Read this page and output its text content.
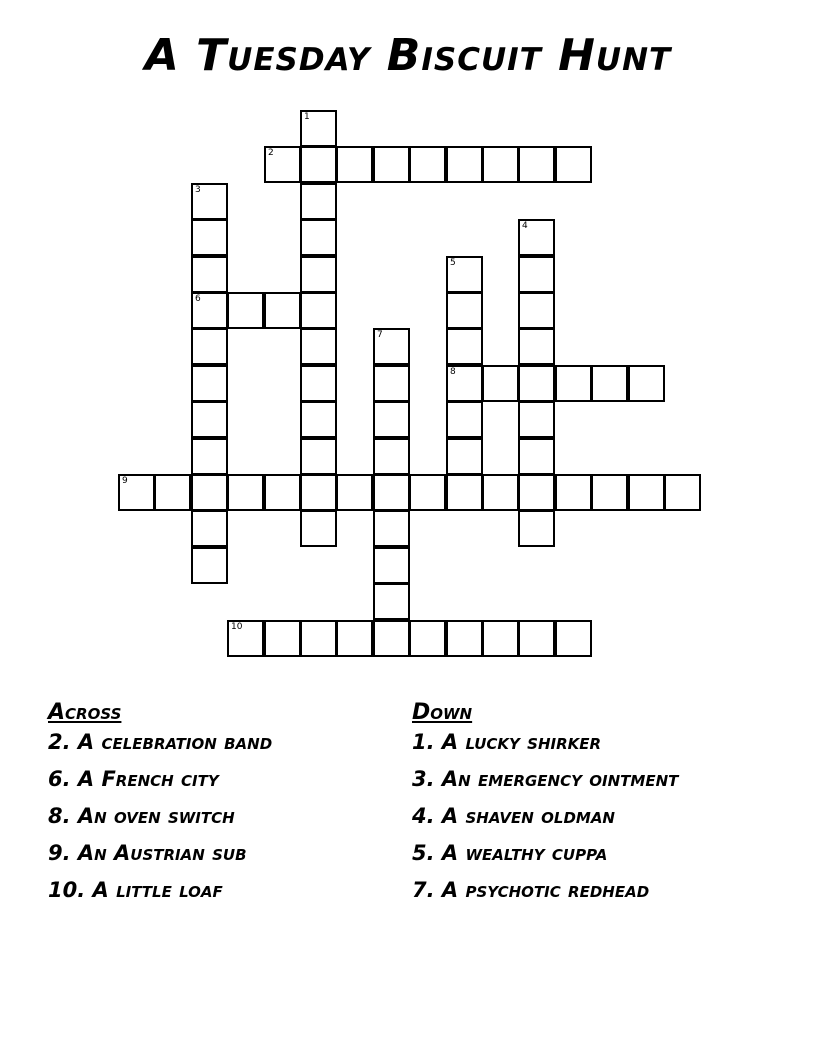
A Tuesday Biscuit Hunt
1
2
3
4
5
6
7
8
9
10
Across
2. A celebration band
6. A French city
8. An oven switch
9. An Austrian sub
10. A little loaf
Down
1. A lucky shirker
3. An emergency ointment
4. A shaven oldman
5. A wealthy cuppa
7. A psychotic redhead
